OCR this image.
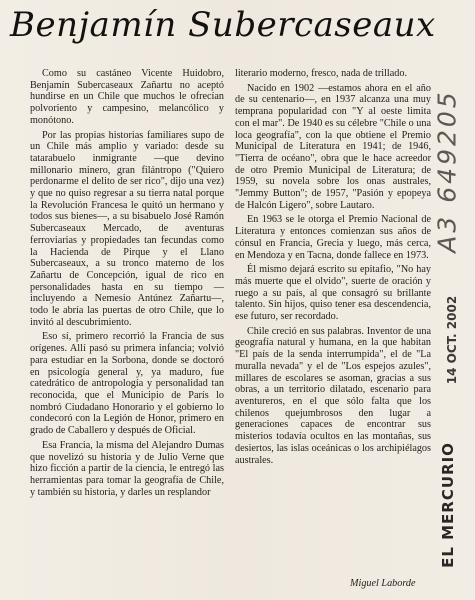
Benjamín Subercaseaux

Como su castáneo Vicente Huidobro, Benjamín Subercaseaux Zañartu no aceptó hundirse en un Chile que muchos le ofrecían polvoriento y campesino, melancólico y monótono.

Por las propias historias familiares supo de un Chile más amplio y variado: desde su tatarabuelo inmigrante —que devino millonario minero, gran filántropo ("Quiero perdonarme el delito de ser rico", dijo una vez) y que no quiso regresar a su tierra natal porque la Revolución Francesa le quitó un hermano y todos sus bienes—, a su bisabuelo José Ramón Subercaseaux Mercado, de aventuras ferroviarias y propiedades tan fecundas como la Hacienda de Pirque y el Llano Subercaseaux, a su tronco materno de los Zañartu de Concepción, igual de rico en personalidades hasta en su tiempo —incluyendo a Nemesio Antúnez Zañartu—, todo le abría las puertas de otro Chile, que lo invitó al descubrimiento.

Eso sí, primero recorrió la Francia de sus orígenes. Allí pasó su primera infancia; volvió para estudiar en la Sorbona, donde se doctoró en psicología general y, ya maduro, fue catedrático de antropología y personalidad tan reconocida, que el Municipio de París lo nombró Ciudadano Honorario y el gobierno lo condecoró con la Legión de Honor, primero en grado de Caballero y después de Oficial.

Esa Francia, la misma del Alejandro Dumas que novelizó su historia y de Julio Verne que hizo ficción a partir de la ciencia, le entregó las herramientas para tomar la geografía de Chile, y también su historia, y darles un resplandor

literario moderno, fresco, nada de trillado.

Nacido en 1902 —estamos ahora en el año de su centenario—, en 1937 alcanza una muy temprana popularidad con "Y al oeste limita con el mar". De 1940 es su célebre "Chile o una loca geografía", con la que obtiene el Premio Municipal de Literatura en 1941; de 1946, "Tierra de océano", obra que le hace acreedor de otro Premio Municipal de Literatura; de 1959, su novela sobre los onas australes, "Jemmy Button"; de 1957, "Pasión y epopeya de Halcón Ligero", sobre Lautaro.

En 1963 se le otorga el Premio Nacional de Literatura y entonces comienzan sus años de cónsul en Francia, Grecia y luego, más cerca, en Mendoza y en Tacna, donde fallece en 1973.

Él mismo dejará escrito su epitafio, "No hay más muerte que el olvido", suerte de oración y ruego a su país, al que consagró su brillante talento. Sin hijos, quiso tener esa descendencia, ese futuro, ser recordado.

Chile creció en sus palabras. Inventor de una geografía natural y humana, en la que habitan "El país de la senda interrumpida", el de "La muralla nevada" y el de "Los espejos azules", millares de escolares se asoman, gracias a sus obras, a un territorio dilatado, escenario para aventureros, en el que sólo falta que los chilenos quejumbrosos den lugar a generaciones capaces de encontrar sus misterios todavía ocultos en las montañas, sus desiertos, las islas oceánicas o los archipiélagos australes.

Miguel Laborde
A3 649205
14 OCT. 2002
EL MERCURIO
